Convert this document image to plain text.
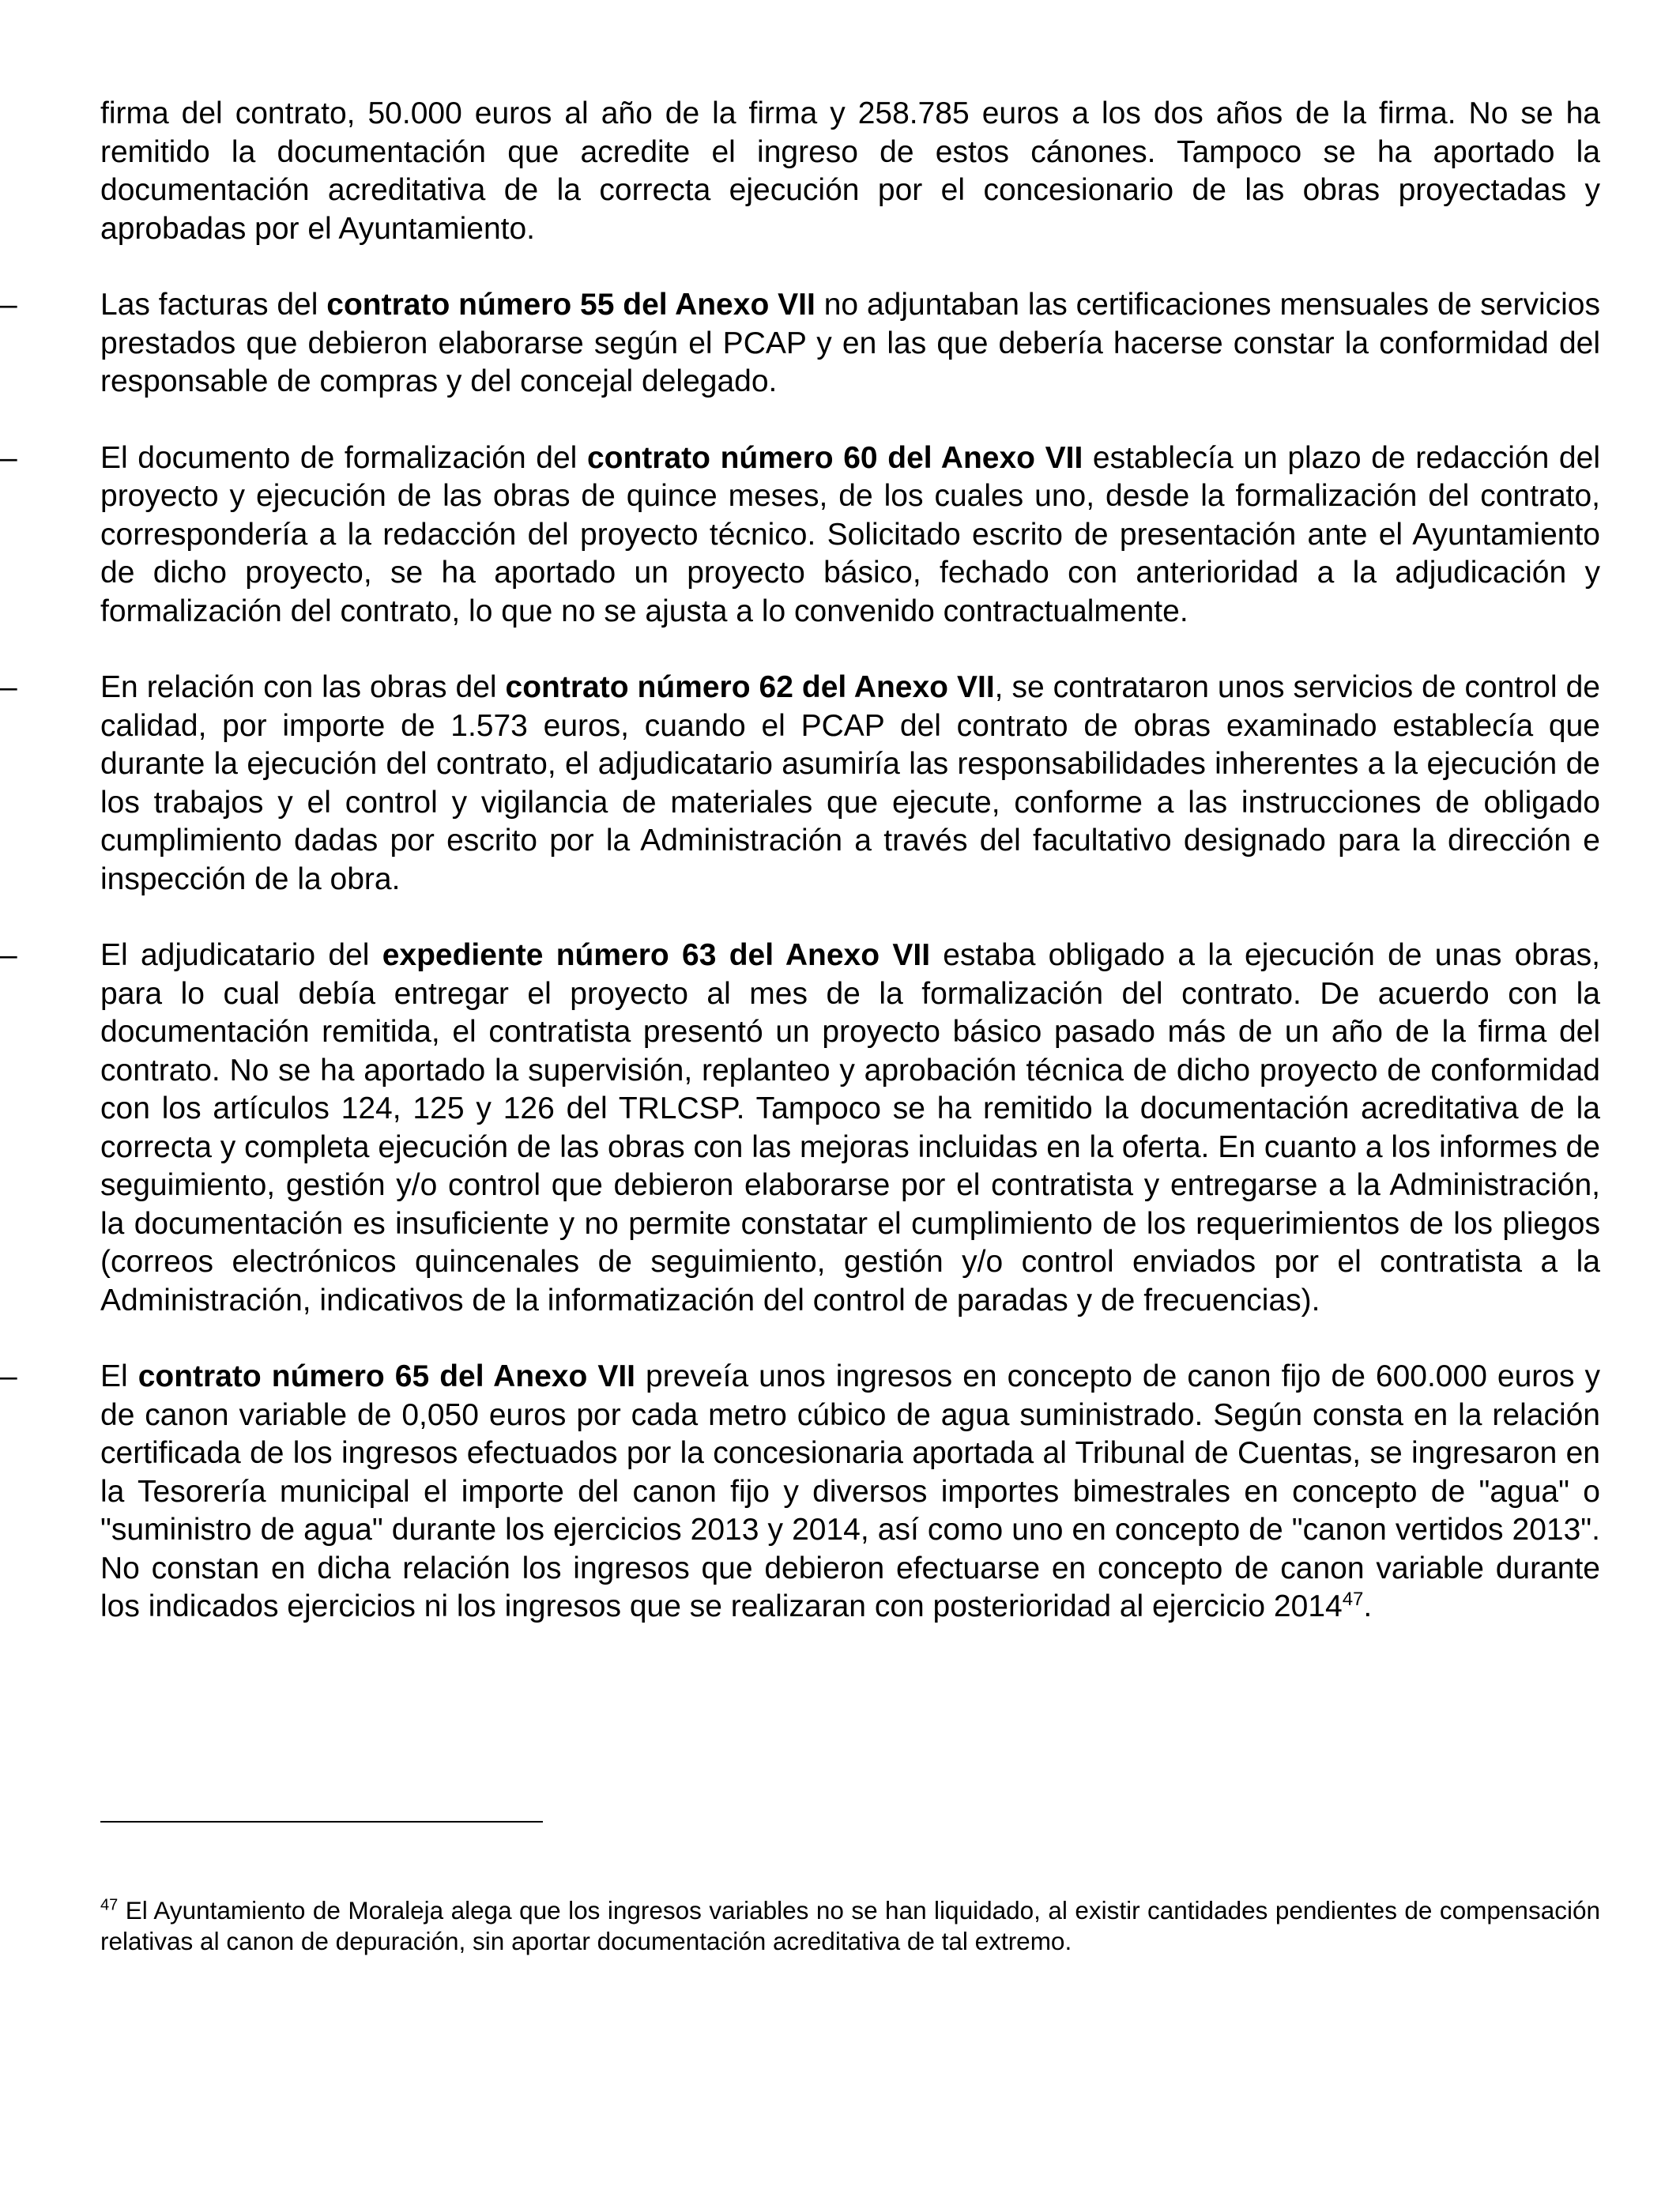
firma del contrato, 50.000 euros al año de la firma y 258.785 euros a los dos años de la firma. No se ha remitido la documentación que acredite el ingreso de estos cánones. Tampoco se ha aportado la documentación acreditativa de la correcta ejecución por el concesionario de las obras proyectadas y aprobadas por el Ayuntamiento.

–	Las facturas del contrato número 55 del Anexo VII no adjuntaban las certificaciones mensuales de servicios prestados que debieron elaborarse según el PCAP y en las que debería hacerse constar la conformidad del responsable de compras y del concejal delegado.
–	El documento de formalización del contrato número 60 del Anexo VII establecía un plazo de redacción del proyecto y ejecución de las obras de quince meses, de los cuales uno, desde la formalización del contrato, correspondería a la redacción del proyecto técnico. Solicitado escrito de presentación ante el Ayuntamiento de dicho proyecto, se ha aportado un proyecto básico, fechado con anterioridad a la adjudicación y formalización del contrato, lo que no se ajusta a lo convenido contractualmente.
–	En relación con las obras del contrato número 62 del Anexo VII, se contrataron unos servicios de control de calidad, por importe de 1.573 euros, cuando el PCAP del contrato de obras examinado establecía que durante la ejecución del contrato, el adjudicatario asumiría las responsabilidades inherentes a la ejecución de los trabajos y el control y vigilancia de materiales que ejecute, conforme a las instrucciones de obligado cumplimiento dadas por escrito por la Administración a través del facultativo designado para la dirección e inspección de la obra.
–	El adjudicatario del expediente número 63 del Anexo VII estaba obligado a la ejecución de unas obras, para lo cual debía entregar el proyecto al mes de la formalización del contrato. De acuerdo con la documentación remitida, el contratista presentó un proyecto básico pasado más de un año de la firma del contrato. No se ha aportado la supervisión, replanteo y aprobación técnica de dicho proyecto de conformidad con los artículos 124, 125 y 126 del TRLCSP. Tampoco se ha remitido la documentación acreditativa de la correcta y completa ejecución de las obras con las mejoras incluidas en la oferta. En cuanto a los informes de seguimiento, gestión y/o control que debieron elaborarse por el contratista y entregarse a la Administración, la documentación es insuficiente y no permite constatar el cumplimiento de los requerimientos de los pliegos (correos electrónicos quincenales de seguimiento, gestión y/o control enviados por el contratista a la Administración, indicativos de la informatización del control de paradas y de frecuencias).
–	El contrato número 65 del Anexo VII preveía unos ingresos en concepto de canon fijo de 600.000 euros y de canon variable de 0,050 euros por cada metro cúbico de agua suministrado. Según consta en la relación certificada de los ingresos efectuados por la concesionaria aportada al Tribunal de Cuentas, se ingresaron en la Tesorería municipal el importe del canon fijo y diversos importes bimestrales en concepto de "agua" o "suministro de agua" durante los ejercicios 2013 y 2014, así como uno en concepto de "canon vertidos 2013". No constan en dicha relación los ingresos que debieron efectuarse en concepto de canon variable durante los indicados ejercicios ni los ingresos que se realizaran con posterioridad al ejercicio 2014$^{47}$.

$^{47}$ El Ayuntamiento de Moraleja alega que los ingresos variables no se han liquidado, al existir cantidades pendientes de compensación relativas al canon de depuración, sin aportar documentación acreditativa de tal extremo.
